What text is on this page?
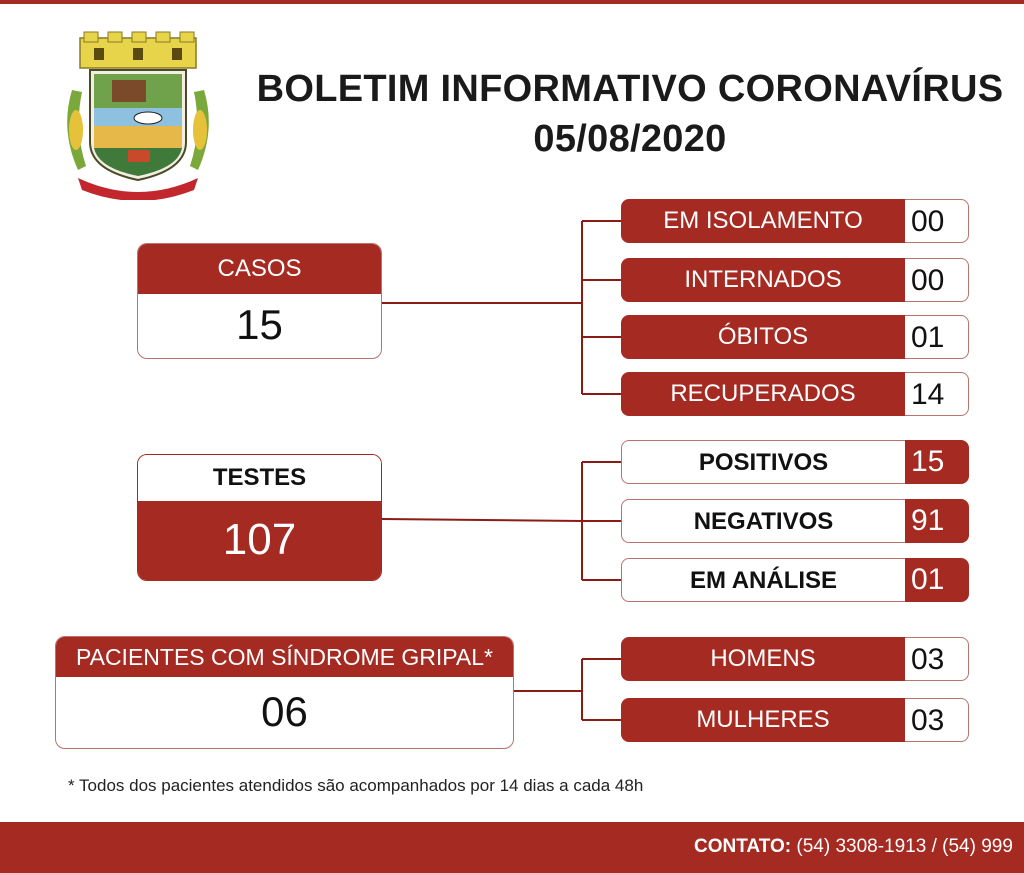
BOLETIM INFORMATIVO CORONAVÍRUS
05/08/2020
CASOS
15
EM ISOLAMENTO	00
INTERNADOS	00
ÓBITOS	01
RECUPERADOS	14
TESTES
107
POSITIVOS	15
NEGATIVOS	91
EM ANÁLISE	01
PACIENTES COM SÍNDROME GRIPAL*
06
HOMENS	03
MULHERES	03
* Todos dos pacientes atendidos são acompanhados por 14 dias a cada 48h
CONTATO: (54) 3308-1913 / (54) 999
